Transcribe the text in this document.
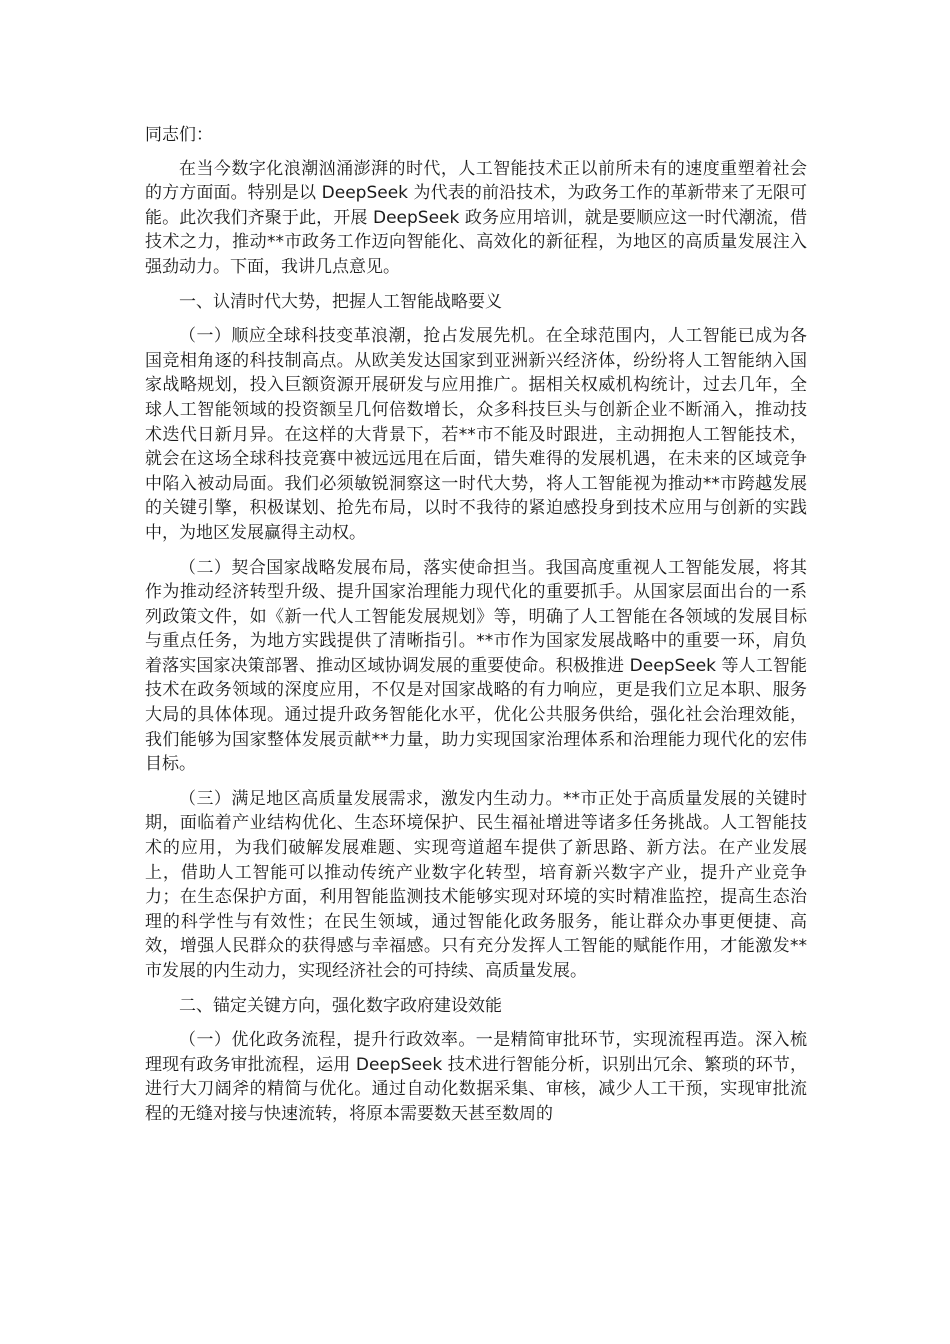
同志们：

在当今数字化浪潮汹涌澎湃的时代，人工智能技术正以前所未有的速度重塑着社会的方方面面。特别是以 DeepSeek 为代表的前沿技术，为政务工作的革新带来了无限可能。此次我们齐聚于此，开展 DeepSeek 政务应用培训，就是要顺应这一时代潮流，借技术之力，推动**市政务工作迈向智能化、高效化的新征程，为地区的高质量发展注入强劲动力。下面，我讲几点意见。

一、认清时代大势，把握人工智能战略要义

（一）顺应全球科技变革浪潮，抢占发展先机。在全球范围内，人工智能已成为各国竞相角逐的科技制高点。从欧美发达国家到亚洲新兴经济体，纷纷将人工智能纳入国家战略规划，投入巨额资源开展研发与应用推广。据相关权威机构统计，过去几年，全球人工智能领域的投资额呈几何倍数增长，众多科技巨头与创新企业不断涌入，推动技术迭代日新月异。在这样的大背景下，若**市不能及时跟进，主动拥抱人工智能技术，就会在这场全球科技竞赛中被远远甩在后面，错失难得的发展机遇，在未来的区域竞争中陷入被动局面。我们必须敏锐洞察这一时代大势，将人工智能视为推动**市跨越发展的关键引擎，积极谋划、抢先布局，以时不我待的紧迫感投身到技术应用与创新的实践中，为地区发展赢得主动权。

（二）契合国家战略发展布局，落实使命担当。我国高度重视人工智能发展，将其作为推动经济转型升级、提升国家治理能力现代化的重要抓手。从国家层面出台的一系列政策文件，如《新一代人工智能发展规划》等，明确了人工智能在各领域的发展目标与重点任务，为地方实践提供了清晰指引。**市作为国家发展战略中的重要一环，肩负着落实国家决策部署、推动区域协调发展的重要使命。积极推进 DeepSeek 等人工智能技术在政务领域的深度应用，不仅是对国家战略的有力响应，更是我们立足本职、服务大局的具体体现。通过提升政务智能化水平，优化公共服务供给，强化社会治理效能，我们能够为国家整体发展贡献**力量，助力实现国家治理体系和治理能力现代化的宏伟目标。

（三）满足地区高质量发展需求，激发内生动力。**市正处于高质量发展的关键时期，面临着产业结构优化、生态环境保护、民生福祉增进等诸多任务挑战。人工智能技术的应用，为我们破解发展难题、实现弯道超车提供了新思路、新方法。在产业发展上，借助人工智能可以推动传统产业数字化转型，培育新兴数字产业，提升产业竞争力；在生态保护方面，利用智能监测技术能够实现对环境的实时精准监控，提高生态治理的科学性与有效性；在民生领域，通过智能化政务服务，能让群众办事更便捷、高效，增强人民群众的获得感与幸福感。只有充分发挥人工智能的赋能作用，才能激发**市发展的内生动力，实现经济社会的可持续、高质量发展。

二、锚定关键方向，强化数字政府建设效能

（一）优化政务流程，提升行政效率。一是精简审批环节，实现流程再造。深入梳理现有政务审批流程，运用 DeepSeek 技术进行智能分析，识别出冗余、繁琐的环节，进行大刀阔斧的精简与优化。通过自动化数据采集、审核，减少人工干预，实现审批流程的无缝对接与快速流转，将原本需要数天甚至数周的
